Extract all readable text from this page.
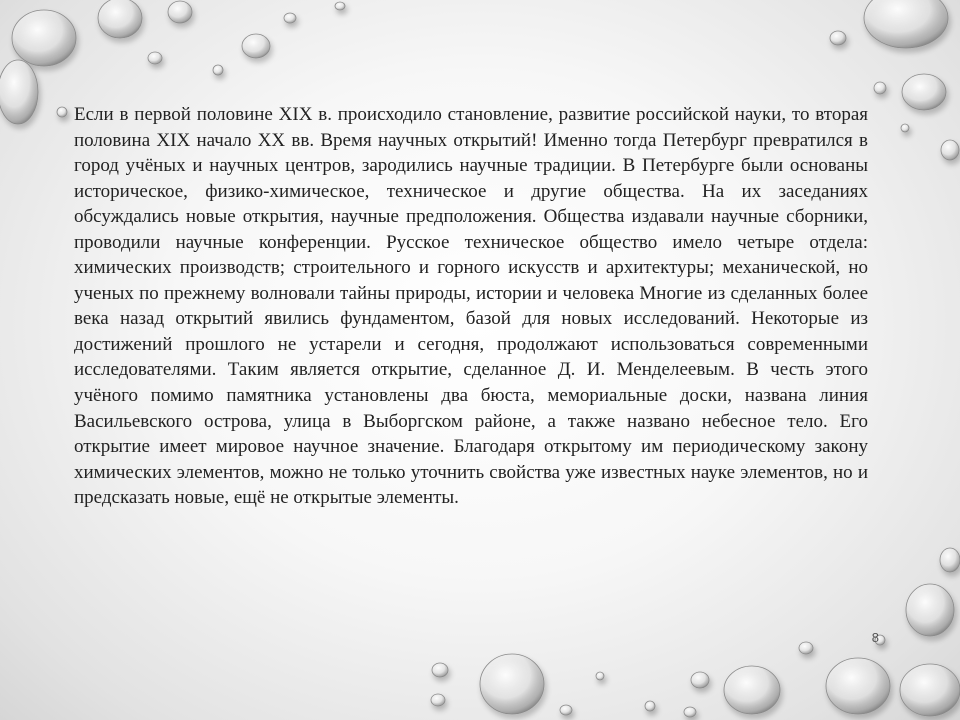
Если в первой половине XIX в. происходило становление, развитие российской науки, то вторая половина XIX начало XX вв. Время научных открытий! Именно тогда Петербург превратился в город учёных и научных центров, зародились научные традиции. В Петербурге были основаны историческое, физико-химическое, техническое и другие общества. На их заседаниях обсуждались новые открытия, научные предположения. Общества издавали научные сборники, проводили научные конференции. Русское техническое общество имело четыре отдела: химических производств; строительного и горного искусств и архитектуры; механической, но ученых по прежнему волновали тайны природы, истории и человека Многие из сделанных более века назад открытий явились фундаментом, базой для новых исследований. Некоторые из достижений прошлого не устарели и сегодня, продолжают использоваться современными исследователями. Таким является открытие, сделанное Д. И. Менделеевым. В честь этого учёного помимо памятника установлены два бюста, мемориальные доски, названа линия Васильевского острова, улица в Выборгском районе, а также названо небесное тело. Его открытие имеет мировое научное значение. Благодаря открытому им периодическому закону химических элементов, можно не только уточнить свойства уже известных науке элементов, но и предсказать новые, ещё не открытые элементы.

8
